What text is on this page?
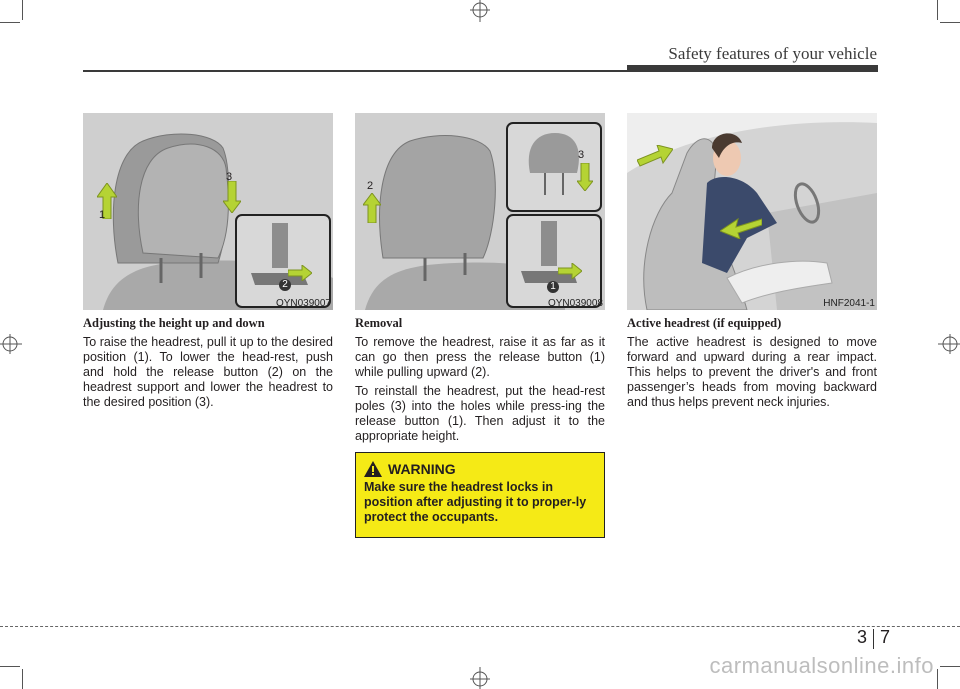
Safety features of your vehicle
1
3
2
OYN039007
2
3
1
OYN039008	HNF2041-1
Adjusting the height up and down

To raise the headrest, pull it up to the desired position (1). To lower the head-rest, push and hold the release button (2) on the headrest support and lower the headrest to the desired position (3).

Removal

To remove the headrest, raise it as far as it can go then press the release button (1) while pulling upward (2).

To reinstall the headrest, put the head-rest poles (3) into the holes while press-ing the release button (1). Then adjust it to the appropriate height.

Active headrest (if equipped)

The active headrest is designed to move forward and upward during a rear impact. This helps to prevent the driver's and front passenger’s heads from moving backward and thus helps prevent neck injuries.

WARNING
Make sure the headrest locks in position after adjusting it to proper-ly protect the occupants.
3 7
carmanualsonline.info
